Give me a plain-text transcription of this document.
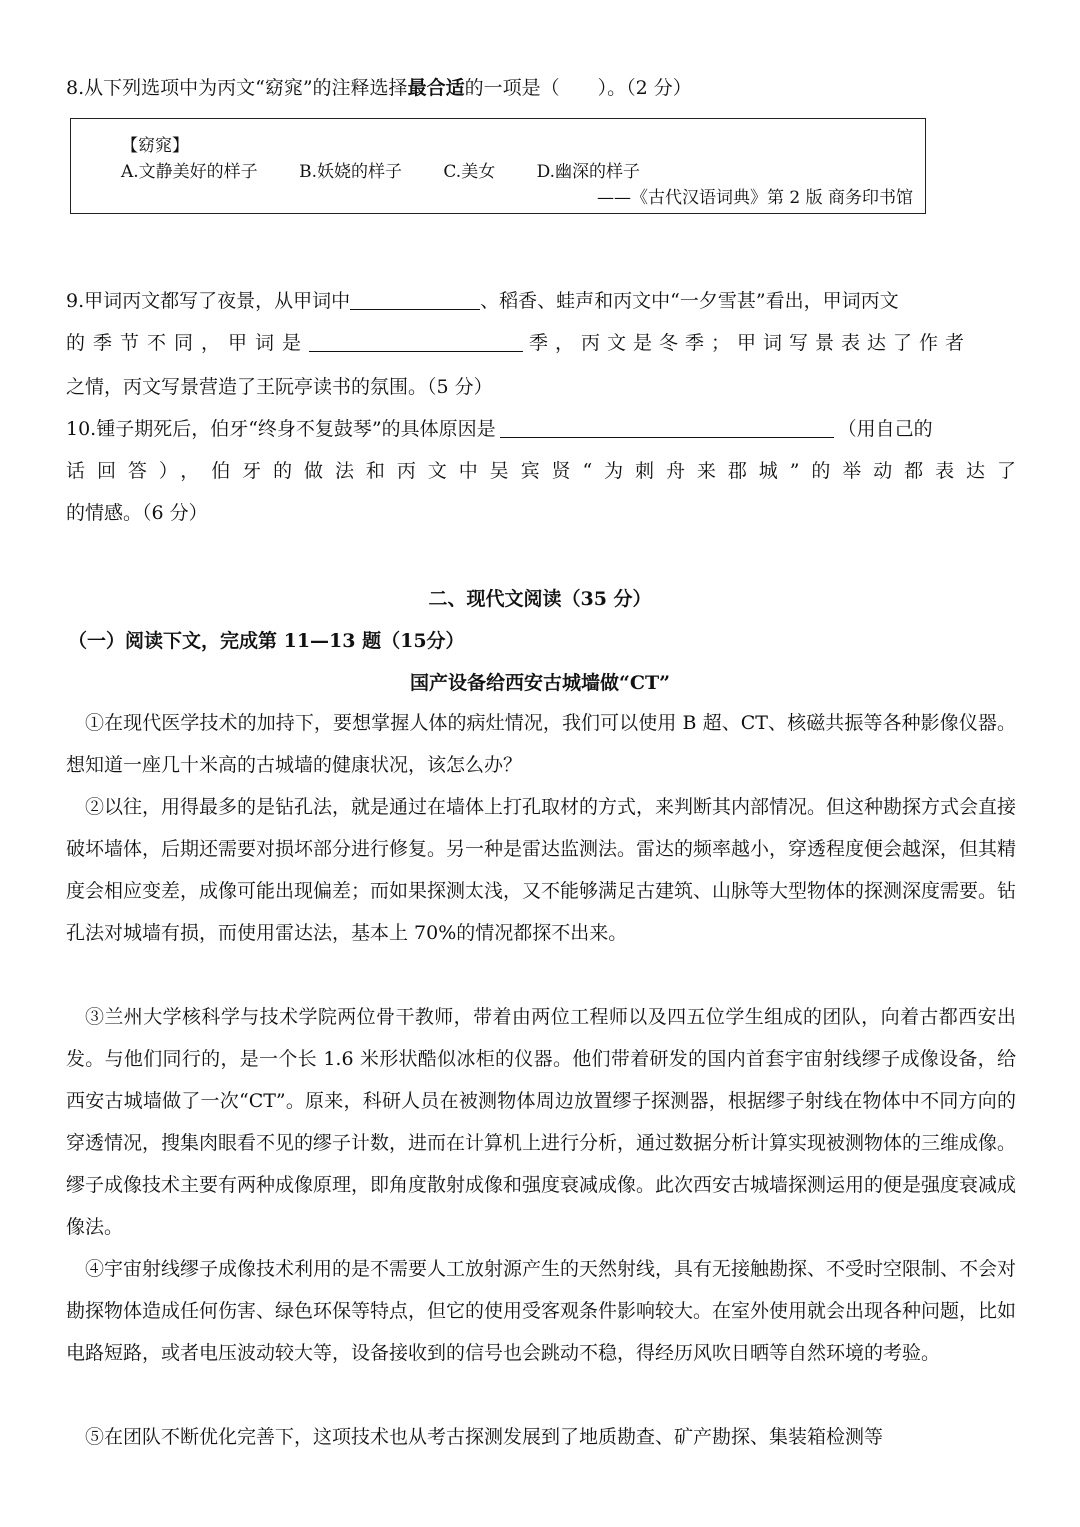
8.从下列选项中为丙文“窈窕”的注释选择最合适的一项是（　　）。（2 分）
【窈窕】
A.文静美好的样子 B.妖娆的样子 C.美女 D.幽深的样子
——《古代汉语词典》第 2 版 商务印书馆
9.甲词丙文都写了夜景，从甲词中	、稻香、蛙声和丙文中“一夕雪甚”看出，甲词丙文
的季节不同，甲词是	季，丙文是冬季；甲词写景表达了作者
之情，丙文写景营造了王阮亭读书的氛围。（5 分）
10.锺子期死后，伯牙“终身不复鼓琴”的具体原因是	（用自己的
话回答），伯牙的做法和丙文中吴宾贤“为刺舟来郡城”的举动都表达了
的情感。（6 分）
二、现代文阅读（35 分）
（一）阅读下文，完成第 11—13 题（15分）
国产设备给西安古城墙做“CT”
①在现代医学技术的加持下，要想掌握人体的病灶情况，我们可以使用 B 超、CT、核磁共振等各种影像仪器。想知道一座几十米高的古城墙的健康状况，该怎么办？
②以往，用得最多的是钻孔法，就是通过在墙体上打孔取材的方式，来判断其内部情况。但这种勘探方式会直接破坏墙体，后期还需要对损坏部分进行修复。另一种是雷达监测法。雷达的频率越小，穿透程度便会越深，但其精度会相应变差，成像可能出现偏差；而如果探测太浅，又不能够满足古建筑、山脉等大型物体的探测深度需要。钻孔法对城墙有损，而使用雷达法，基本上 70%的情况都探不出来。
③兰州大学核科学与技术学院两位骨干教师，带着由两位工程师以及四五位学生组成的团队，向着古都西安出发。与他们同行的，是一个长 1.6 米形状酷似冰柜的仪器。他们带着研发的国内首套宇宙射线缪子成像设备，给西安古城墙做了一次“CT”。原来，科研人员在被测物体周边放置缪子探测器，根据缪子射线在物体中不同方向的穿透情况，搜集肉眼看不见的缪子计数，进而在计算机上进行分析，通过数据分析计算实现被测物体的三维成像。缪子成像技术主要有两种成像原理，即角度散射成像和强度衰减成像。此次西安古城墙探测运用的便是强度衰减成像法。
④宇宙射线缪子成像技术利用的是不需要人工放射源产生的天然射线，具有无接触勘探、不受时空限制、不会对勘探物体造成任何伤害、绿色环保等特点，但它的使用受客观条件影响较大。在室外使用就会出现各种问题，比如电路短路，或者电压波动较大等，设备接收到的信号也会跳动不稳，得经历风吹日晒等自然环境的考验。
⑤在团队不断优化完善下，这项技术也从考古探测发展到了地质勘查、矿产勘探、集装箱检测等
